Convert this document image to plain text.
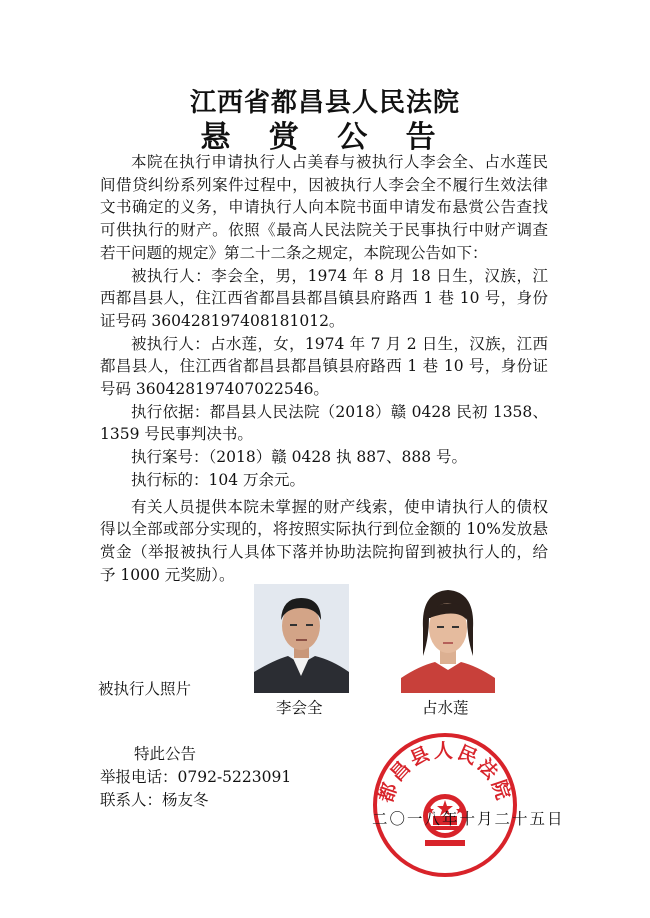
江西省都昌县人民法院
悬 赏 公 告

本院在执行申请执行人占美春与被执行人李会全、占水莲民间借贷纠纷系列案件过程中，因被执行人李会全不履行生效法律文书确定的义务，申请执行人向本院书面申请发布悬赏公告查找可供执行的财产。依照《最高人民法院关于民事执行中财产调查若干问题的规定》第二十二条之规定，本院现公告如下：

被执行人：李会全，男，1974 年 8 月 18 日生，汉族，江西都昌县人，住江西省都昌县都昌镇县府路西 1 巷 10 号，身份证号码 360428197408181012。

被执行人：占水莲，女，1974 年 7 月 2 日生，汉族，江西都昌县人，住江西省都昌县都昌镇县府路西 1 巷 10 号，身份证号码 360428197407022546。

执行依据：都昌县人民法院（2018）赣 0428 民初 1358、1359 号民事判决书。

执行案号：（2018）赣 0428 执 887、888 号。

执行标的：104 万余元。

有关人员提供本院未掌握的财产线索，使申请执行人的债权得以全部或部分实现的，将按照实际执行到位金额的 10%发放悬赏金（举报被执行人具体下落并协助法院拘留到被执行人的，给予 1000 元奖励）。

被执行人照片
李会全	占水莲
特此公告
举报电话：0792-5223091
联系人：杨友冬	都昌县人民法院
二〇一八年十月二十五日
